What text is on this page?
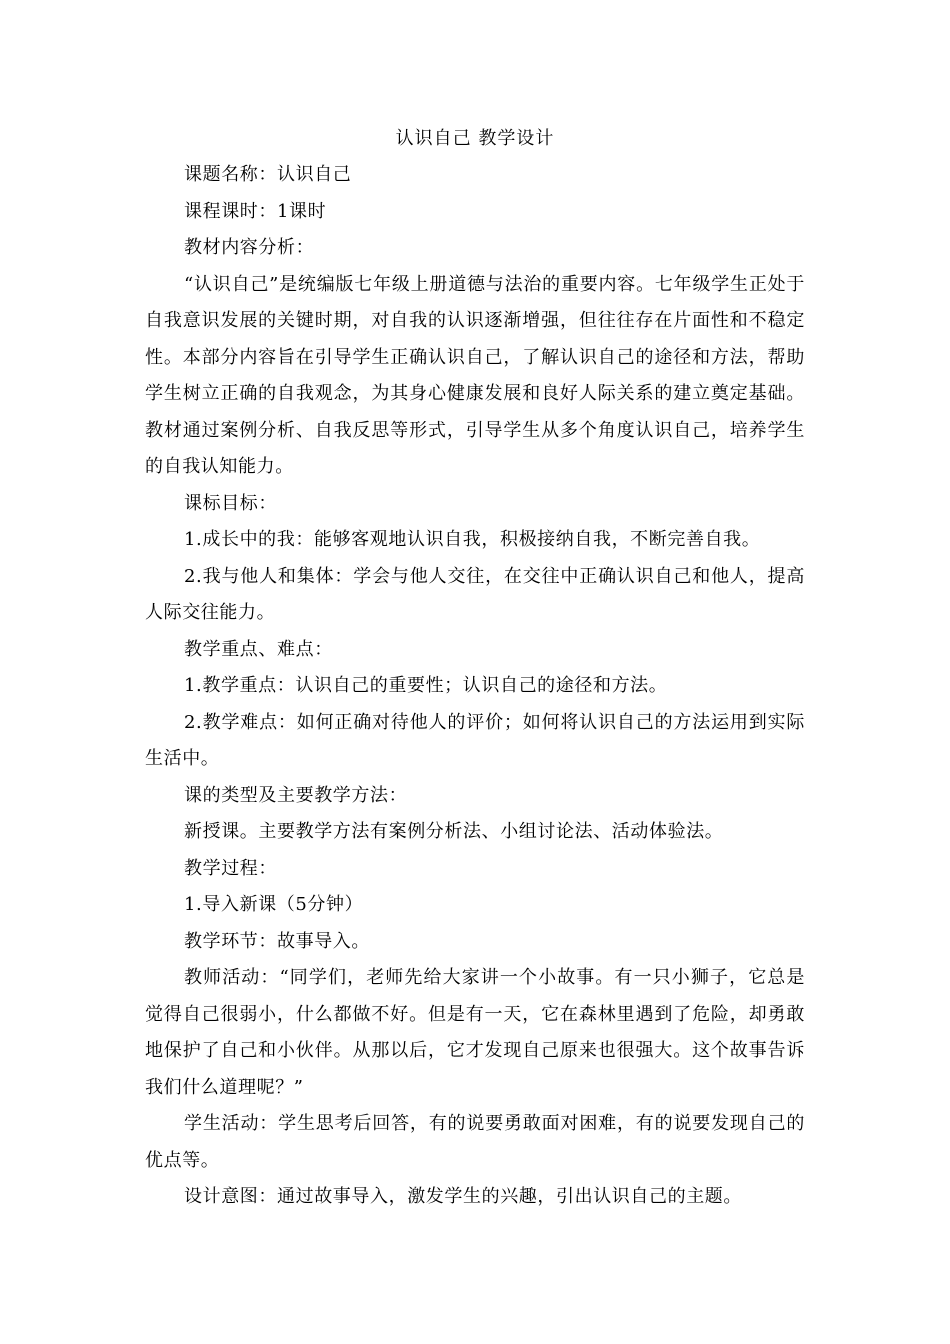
认识自己 教学设计

课题名称：认识自己

课程课时：1课时

教材内容分析：

“认识自己”是统编版七年级上册道德与法治的重要内容。七年级学生正处于自我意识发展的关键时期，对自我的认识逐渐增强，但往往存在片面性和不稳定性。本部分内容旨在引导学生正确认识自己，了解认识自己的途径和方法，帮助学生树立正确的自我观念，为其身心健康发展和良好人际关系的建立奠定基础。教材通过案例分析、自我反思等形式，引导学生从多个角度认识自己，培养学生的自我认知能力。

课标目标：

1.成长中的我：能够客观地认识自我，积极接纳自我，不断完善自我。

2.我与他人和集体：学会与他人交往，在交往中正确认识自己和他人，提高人际交往能力。

教学重点、难点：

1.教学重点：认识自己的重要性；认识自己的途径和方法。

2.教学难点：如何正确对待他人的评价；如何将认识自己的方法运用到实际生活中。

课的类型及主要教学方法：

新授课。主要教学方法有案例分析法、小组讨论法、活动体验法。

教学过程：

1.导入新课（5分钟）

教学环节：故事导入。

教师活动：“同学们，老师先给大家讲一个小故事。有一只小狮子，它总是觉得自己很弱小，什么都做不好。但是有一天，它在森林里遇到了危险，却勇敢地保护了自己和小伙伴。从那以后，它才发现自己原来也很强大。这个故事告诉我们什么道理呢？”

学生活动：学生思考后回答，有的说要勇敢面对困难，有的说要发现自己的优点等。

设计意图：通过故事导入，激发学生的兴趣，引出认识自己的主题。
